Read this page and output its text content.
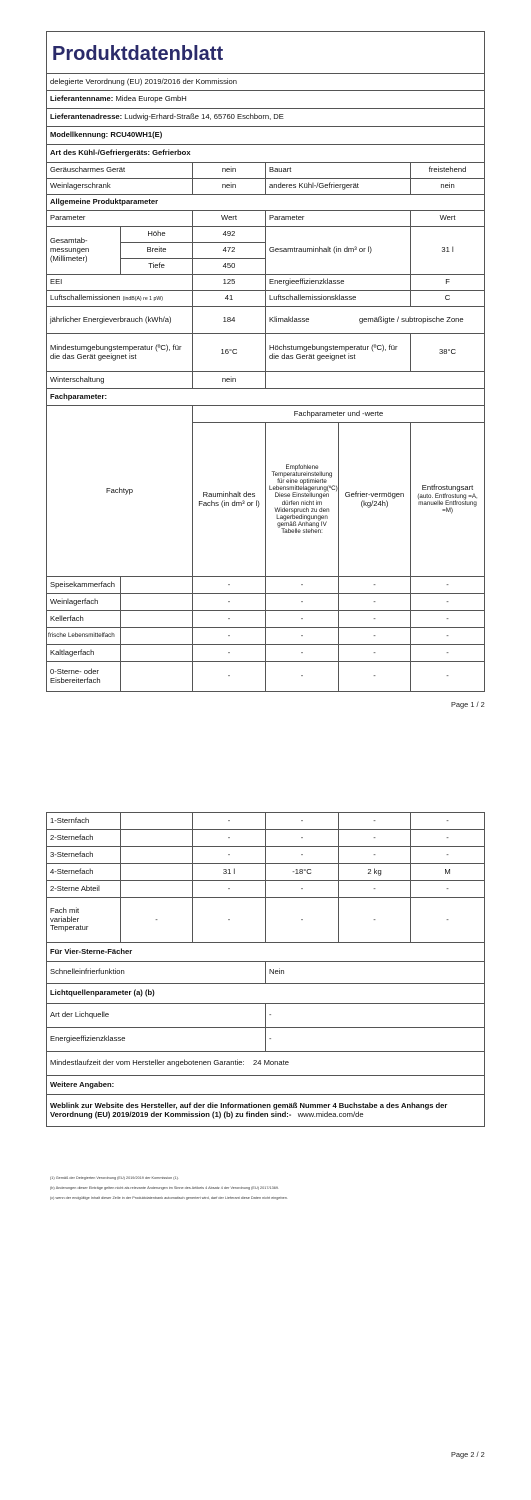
Produktdatenblatt					
delegierte Verordnung (EU) 2019/2016 der Kommission					
Lieferantenname: Midea Europe GmbH					
Lieferantenadresse: Ludwig-Erhard-Straße 14, 65760 Eschborn, DE					
Modellkennung: RCU40WH1(E)					
Art des Kühl-/Gefriergeräts: Gefrierbox					
Geräuscharmes Gerät		nein	Bauart		freistehend
Weinlagerschrank		nein	anderes Kühl-/Gefriergerät		nein
Allgemeine Produktparameter					
Parameter		Wert	Parameter		Wert
Gesamtab-messungen (Millimeter)	Höhe	492	Gesamtrauminhalt (in dm³ or l)		31 l
	Breite	472			
	Tiefe	450			
EEI		125	Energieeffizienzklasse		F
Luftschallemissionen (indB(A) re 1 pW)		41	Luftschallemissionsklasse		C
jährlicher Energieverbrauch (kWh/a)		184	Klimaklasse	gemäßigte / subtropische Zone	
Mindestumgebungstemperatur (ºC), für die das Gerät geeignet ist		16°C	Höchstumgebungstemperatur (ºC), für die das Gerät geeignet ist		38°C
Winterschaltung		nein			
Fachparameter:					
Fachtyp		Fachparameter und -werte			
		Rauminhalt des Fachs (in dm³ or l)	Empfohlene Temperatureinstellung für eine optimierte Lebensmittelagerung(ºC) Diese Einstellungen dürfen nicht im Widerspruch zu den Lagerbedingungen gemäß Anhang IV Tabelle stehen:	Gefrier-vermögen (kg/24h)	Entfrostungsart
(auto. Entfrostung =A, manuelle Entfrostung =M)

Speisekammerfach		-	-	-	-
Weinlagerfach		-	-	-	-
Kellerfach		-	-	-	-
frische Lebensmittelfach		-	-	-	-
Kaltlagerfach		-	-	-	-
0-Sterne- oder Eisbereiterfach		-	-	-	-
Page 1 / 2
1-Sternfach		-	-	-	-
2-Sternefach		-	-	-	-
3-Sternefach		-	-	-	-
4-Sternefach		31 l	-18°C	2 kg	M
2-Sterne Abteil		-	-	-	-
Fach mit variabler Temperatur	-	-	-	-	-
Für Vier-Sterne-Fächer					
Schnelleinfrierfunktion			Nein		
Lichtquellenparameter (a) (b)					
Art der Lichquelle			-		
Energieeffizienzklasse			-		
Mindestlaufzeit der vom Hersteller angebotenen Garantie: 24 Monate					
Weitere Angaben:					
Weblink zur Website des Hersteller, auf der die Informationen gemäß Nummer 4 Buchstabe a des Anhangs der Verordnung (EU) 2019/2019 der Kommission (1) (b) zu finden sind:- www.midea.com/de					
(1) Gemäß der Delegierten Verordnung (EU) 2019/2019 der Kommission (1).
(b) Änderungen dieser Einträge gelten nicht als relevante Änderungen im Sinne des Artikels 4 Absatz 4 der Verordnung (EU) 2017/1369.
(c) wenn der endgültige Inhalt dieser Zelle in der Produktdatenbank automatisch generiert wird, darf der Lieferant diese Daten nicht eingeben.
Page 2 / 2
